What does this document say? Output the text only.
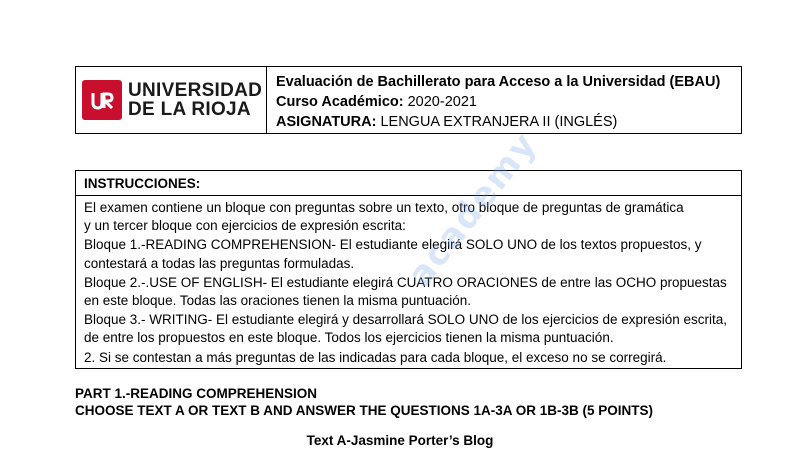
UNIVERSIDAD
DE LA RIOJA
Evaluación de Bachillerato para Acceso a la Universidad (EBAU)
Curso Académico: 2020-2021
ASIGNATURA: LENGUA EXTRANJERA II (INGLÉS)
INSTRUCCIONES:

El examen contiene un bloque con preguntas sobre un texto, otro bloque de preguntas de gramática

y un tercer bloque con ejercicios de expresión escrita:

Bloque 1.-READING COMPREHENSION- El estudiante elegirá SOLO UNO de los textos propuestos, y

contestará a todas las preguntas formuladas.

Bloque 2.-.USE OF ENGLISH- El estudiante elegirá CUATRO ORACIONES de entre las OCHO propuestas

en este bloque. Todas las oraciones tienen la misma puntuación.

Bloque 3.- WRITING- El estudiante elegirá y desarrollará SOLO UNO de los ejercicios de expresión escrita,

de entre los propuestos en este bloque. Todos los ejercicios tienen la misma puntuación.

2. Si se contestan a más preguntas de las indicadas para cada bloque, el exceso no se corregirá.

academy
PART 1.-READING COMPREHENSION
CHOOSE TEXT A OR TEXT B AND ANSWER THE QUESTIONS 1A-3A OR 1B-3B (5 POINTS)
Text A-Jasmine Porter’s Blog
